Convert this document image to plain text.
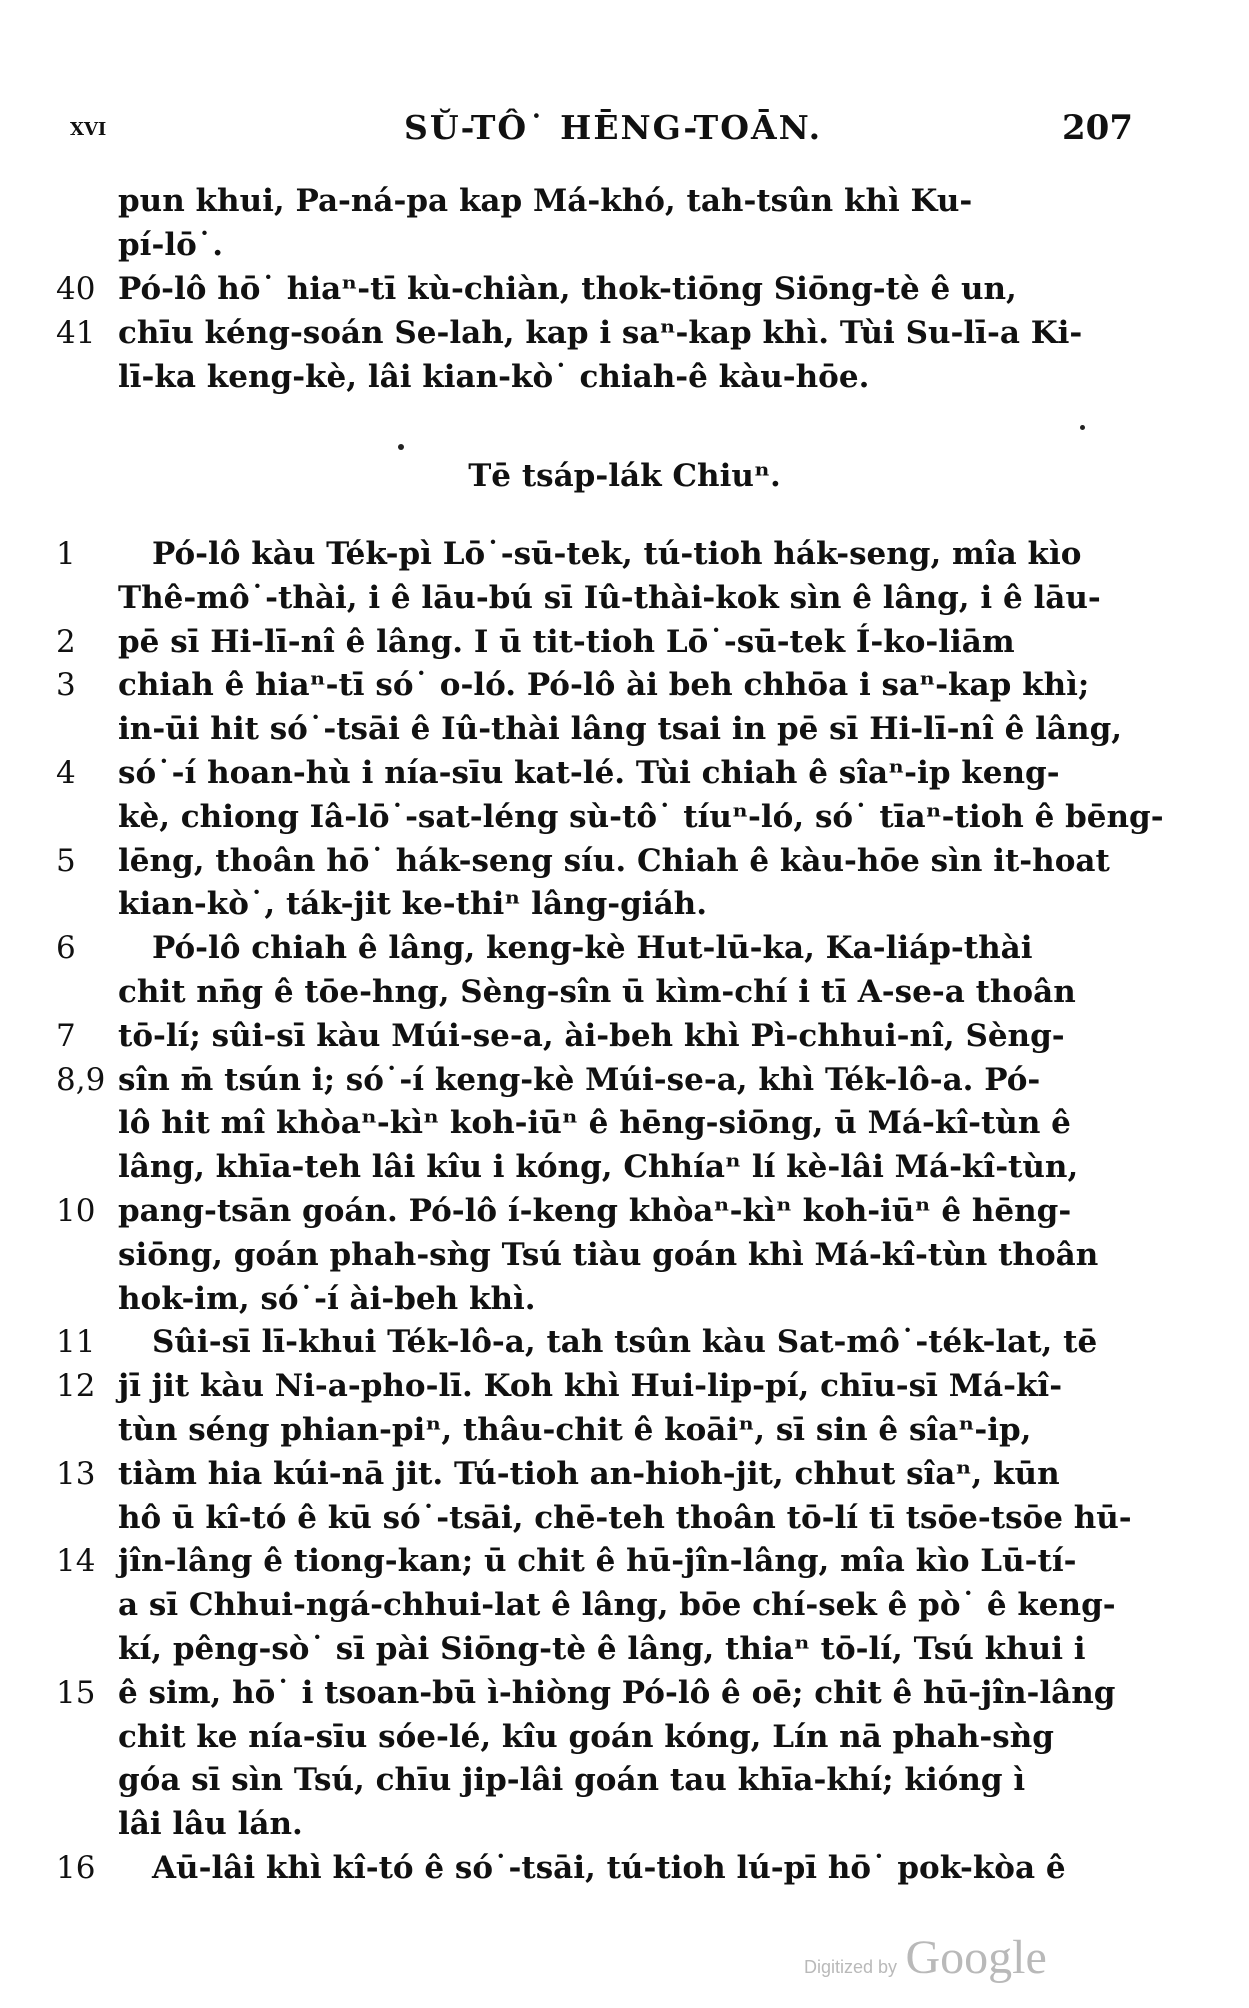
xvi	SŬ-TÔ˙ HĒNG-TOĀN.	207
pun khui, Pa-ná-pa kap Má-khó, tah-tsûn khì Ku-
pí-lō˙.
40 Pó-lô hō˙ hiaⁿ-tī kù-chiàn, thok-tiōng Siōng-tè ê un,
41 chīu kéng-soán Se-lah, kap i saⁿ-kap khì. Tùi Su-lī-a Ki-
lī-ka keng-kè, lâi kian-kò˙ chiah-ê kàu-hōe.
Tē tsáp-lák Chiuⁿ.
1	Pó-lô kàu Ték-pì Lō˙-sū-tek, tú-tioh hák-seng, mîa kìo
Thê-mô˙-thài, i ê lāu-bú sī Iû-thài-kok sìn ê lâng, i ê lāu-
2	pē sī Hi-lī-nî ê lâng. I ū tit-tioh Lō˙-sū-tek Í-ko-liām
3	chiah ê hiaⁿ-tī só˙ o-ló. Pó-lô ài beh chhōa i saⁿ-kap khì;
in-ūi hit só˙-tsāi ê Iû-thài lâng tsai in pē sī Hi-lī-nî ê lâng,
4	só˙-í hoan-hù i nía-sīu kat-lé. Tùi chiah ê sîaⁿ-ip keng-
kè, chiong Iâ-lō˙-sat-léng sù-tô˙ tíuⁿ-ló, só˙ tīaⁿ-tioh ê bēng-
5	lēng, thoân hō˙ hák-seng síu. Chiah ê kàu-hōe sìn it-hoat
kian-kò˙, ták-jit ke-thiⁿ lâng-giáh.
6	Pó-lô chiah ê lâng, keng-kè Hut-lū-ka, Ka-liáp-thài
chit nn̄g ê tōe-hng, Sèng-sîn ū kìm-chí i tī A-se-a thoân
7	tō-lí; sûi-sī kàu Múi-se-a, ài-beh khì Pì-chhui-nî, Sèng-
8,9 sîn m̄ tsún i; só˙-í keng-kè Múi-se-a, khì Ték-lô-a. Pó-
lô hit mî khòaⁿ-kìⁿ koh-iūⁿ ê hēng-siōng, ū Má-kî-tùn ê
lâng, khīa-teh lâi kîu i kóng, Chhíaⁿ lí kè-lâi Má-kî-tùn,
10 pang-tsān goán. Pó-lô í-keng khòaⁿ-kìⁿ koh-iūⁿ ê hēng-
siōng, goán phah-sǹg Tsú tiàu goán khì Má-kî-tùn thoân
hok-im, só˙-í ài-beh khì.
11	Sûi-sī lī-khui Ték-lô-a, tah tsûn kàu Sat-mô˙-ték-lat, tē
12 jī jit kàu Ni-a-pho-lī. Koh khì Hui-lip-pí, chīu-sī Má-kî-
tùn séng phian-piⁿ, thâu-chit ê koāiⁿ, sī sin ê sîaⁿ-ip,
13 tiàm hia kúi-nā jit. Tú-tioh an-hioh-jit, chhut sîaⁿ, kūn
hô ū kî-tó ê kū só˙-tsāi, chē-teh thoân tō-lí tī tsōe-tsōe hū-
14 jîn-lâng ê tiong-kan; ū chit ê hū-jîn-lâng, mîa kìo Lū-tí-
a sī Chhui-ngá-chhui-lat ê lâng, bōe chí-sek ê pò˙ ê keng-
kí, pêng-sò˙ sī pài Siōng-tè ê lâng, thiaⁿ tō-lí, Tsú khui i
15 ê sim, hō˙ i tsoan-bū ì-hiòng Pó-lô ê oē; chit ê hū-jîn-lâng
chit ke nía-sīu sóe-lé, kîu goán kóng, Lín nā phah-sǹg
góa sī sìn Tsú, chīu jip-lâi goán tau khīa-khí; kióng ì
lâi lâu lán.
16	Aū-lâi khì kî-tó ê só˙-tsāi, tú-tioh lú-pī hō˙ pok-kòa ê
Digitized by Google
